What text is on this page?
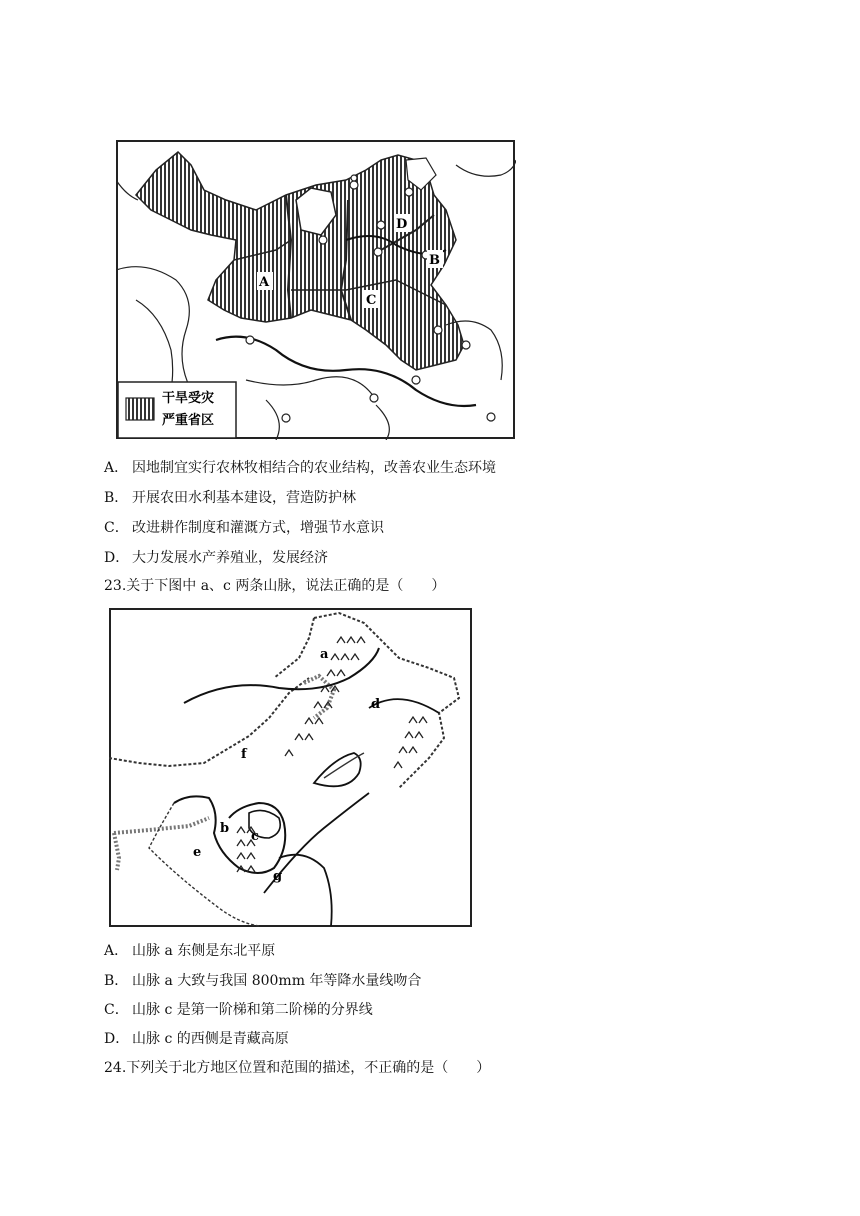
A
B
C
D
干旱受灾
严重省区
A． 因地制宜实行农林牧相结合的农业结构，改善农业生态环境
B． 开展农田水利基本建设，营造防护林
C． 改进耕作制度和灌溉方式，增强节水意识
D． 大力发展水产养殖业，发展经济
23.关于下图中 a、c 两条山脉，说法正确的是（　　）
a
b
c
d
e
f
g
A． 山脉 a 东侧是东北平原
B． 山脉 a 大致与我国 800mm 年等降水量线吻合
C． 山脉 c 是第一阶梯和第二阶梯的分界线
D． 山脉 c 的西侧是青藏高原
24.下列关于北方地区位置和范围的描述，不正确的是（　　）
